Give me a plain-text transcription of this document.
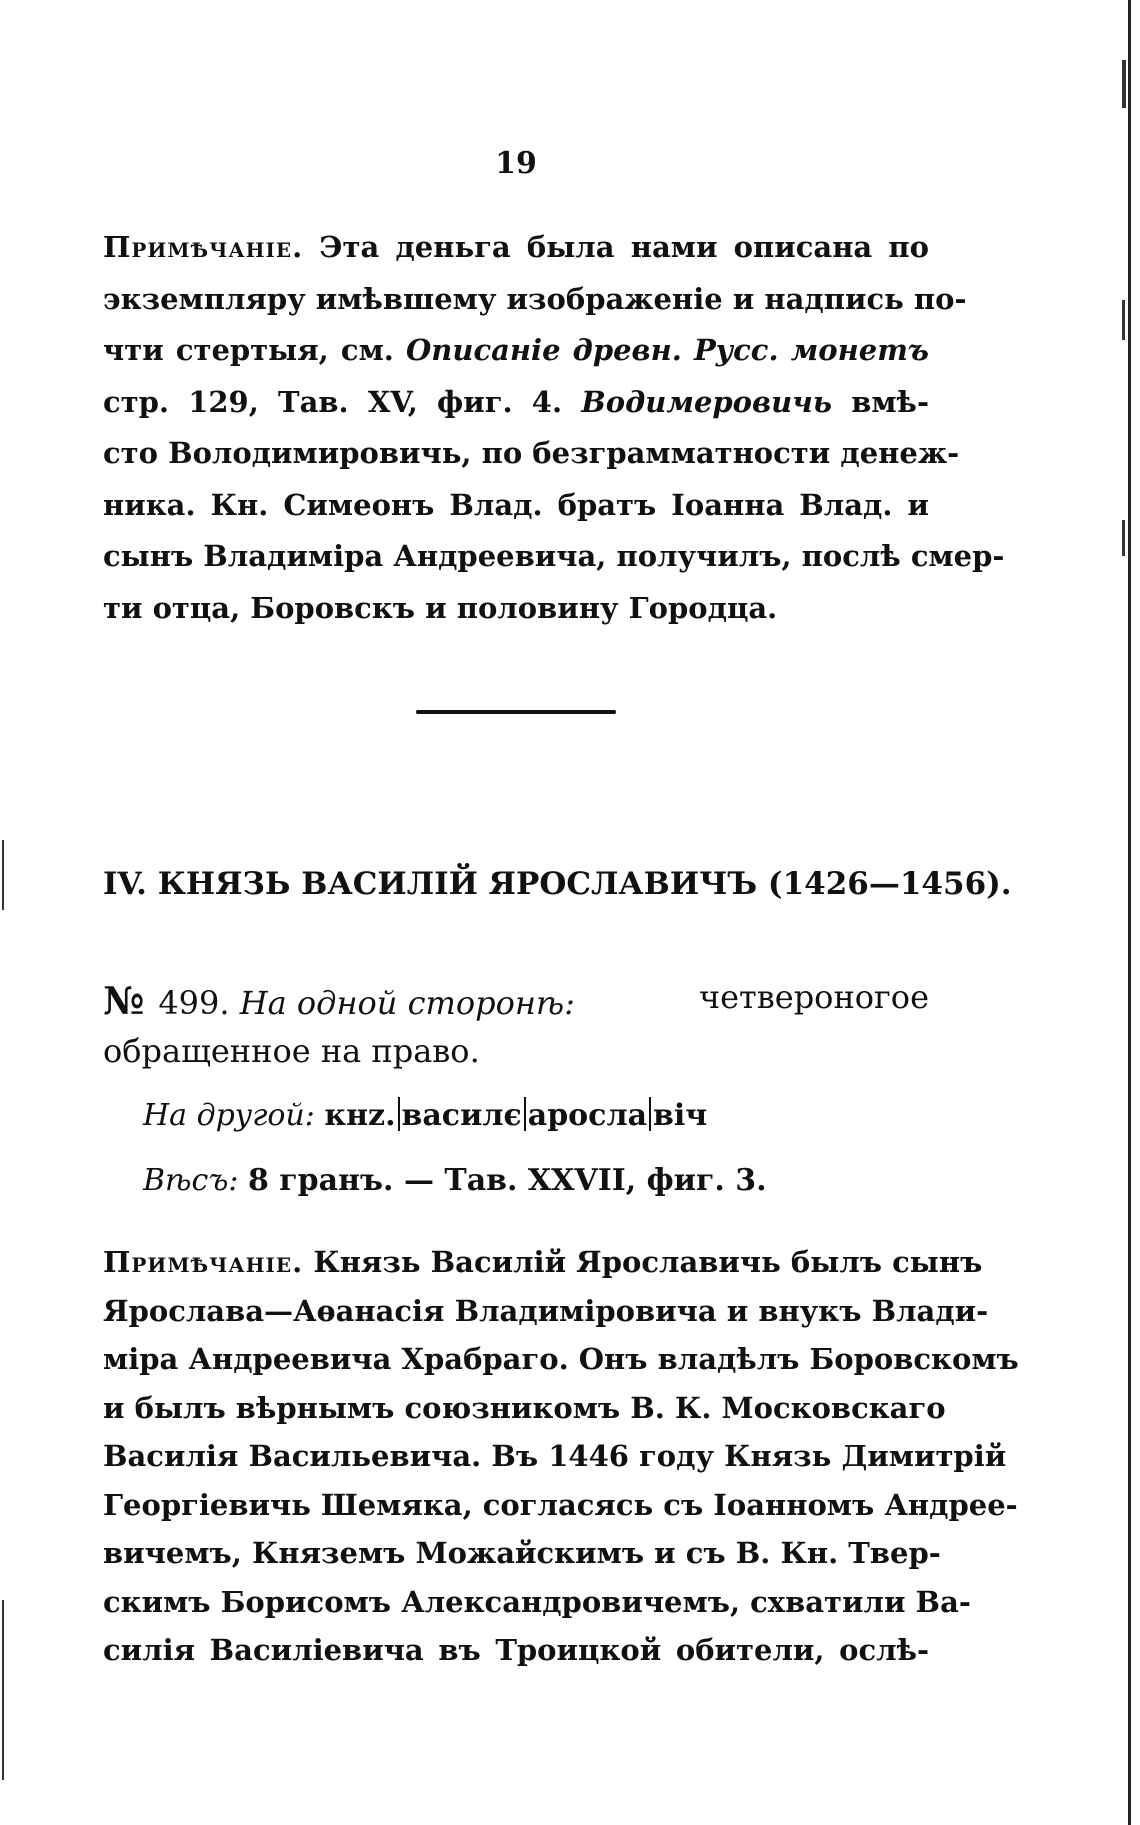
19
Примѣчаніе. Эта деньга была нами описана по
экземпляру имѣвшему изображеніе и надпись по-
чти стертыя, см. Описаніе древн. Русс. монетъ
стр. 129, Тав. XV, фиг. 4. Водимеровичь вмѣ-
сто Володимировичь, по безграмматности денеж-
ника. Кн. Симеонъ Влад. братъ Іоанна Влад. и
сынъ Владиміра Андреевича, получилъ, послѣ смер-
ти отца, Боровскъ и половину Городца.
IV. КНЯЗЬ ВАСИЛІЙ ЯРОСЛАВИЧЪ (1426—1456).
№ 499. На одной сторонѣ:	четвероногое
обращенное на право.
На другой: кнz. василє аросла віч
Вѣсъ: 8 гранъ. — Тав. XXVII, фиг. 3.
Примѣчаніе. Князь Василій Ярославичь былъ сынъ
Ярослава—Аѳанасія Владиміровича и внукъ Влади-
міра Андреевича Храбраго. Онъ владѣлъ Боровскомъ
и былъ вѣрнымъ союзникомъ В. К. Московскаго
Василія Васильевича. Въ 1446 году Князь Димитрій
Георгіевичь Шемяка, согласясь съ Іоанномъ Андрее-
вичемъ, Княземъ Можайскимъ и съ В. Кн. Твер-
скимъ Борисомъ Александровичемъ, схватили Ва-
силія Василіевича въ Троицкой обители, ослѣ-
